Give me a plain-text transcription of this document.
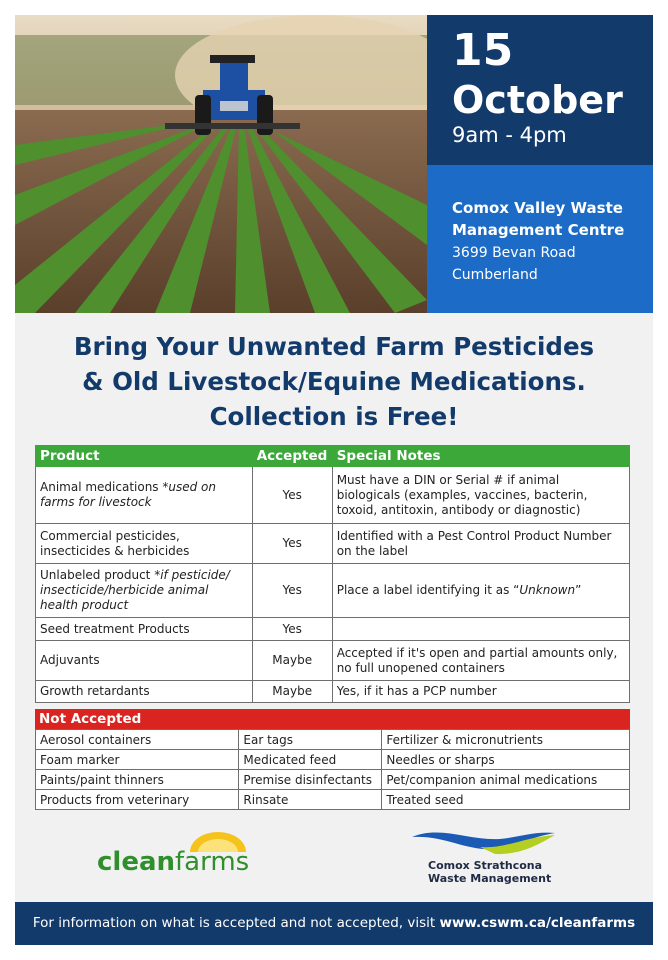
15
October
9am - 4pm
Comox Valley Waste Management Centre
3699 Bevan Road
Cumberland
Bring Your Unwanted Farm Pesticides
& Old Livestock/Equine Medications.
Collection is Free!
Product	Accepted	Special Notes
Animal medications *used on farms for livestock	Yes	Must have a DIN or Serial # if animal biologicals (examples, vaccines, bacterin, toxoid, antitoxin, antibody or diagnostic)
Commercial pesticides, insecticides & herbicides	Yes	Identified with a Pest Control Product Number on the label
Unlabeled product *if pesticide/ insecticide/herbicide animal health product	Yes	Place a label identifying it as “Unknown”
Seed treatment Products	Yes	
Adjuvants	Maybe	Accepted if it's open and partial amounts only, no full unopened containers
Growth retardants	Maybe	Yes, if it has a PCP number
Not Accepted
Aerosol containers	Ear tags	Fertilizer & micronutrients
Foam marker	Medicated feed	Needles or sharps
Paints/paint thinners	Premise disinfectants	Pet/companion animal medications
Products from veterinary	Rinsate	Treated seed
cleanfarms	Comox Strathcona
Waste Management
For information on what is accepted and not accepted, visit www.cswm.ca/cleanfarms
